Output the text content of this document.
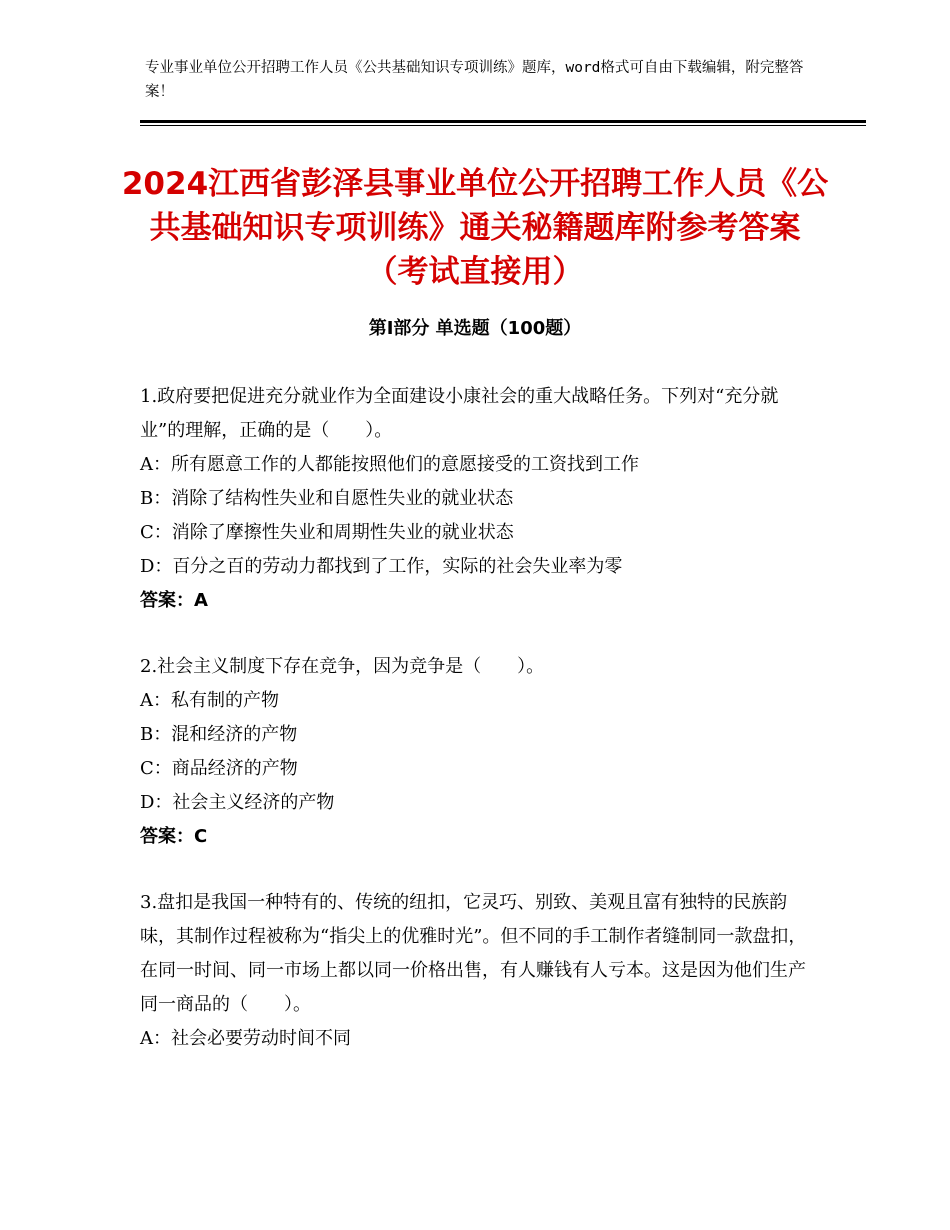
专业事业单位公开招聘工作人员《公共基础知识专项训练》题库，word格式可自由下载编辑，附完整答案！
2024江西省彭泽县事业单位公开招聘工作人员《公共基础知识专项训练》通关秘籍题库附参考答案（考试直接用）
第Ⅰ部分 单选题（100题）

1.政府要把促进充分就业作为全面建设小康社会的重大战略任务。下列对“充分就业”的理解，正确的是（　　）。

A：所有愿意工作的人都能按照他们的意愿接受的工资找到工作

B：消除了结构性失业和自愿性失业的就业状态

C：消除了摩擦性失业和周期性失业的就业状态

D：百分之百的劳动力都找到了工作，实际的社会失业率为零

答案：A

2.社会主义制度下存在竞争，因为竞争是（　　）。

A：私有制的产物

B：混和经济的产物

C：商品经济的产物

D：社会主义经济的产物

答案：C

3.盘扣是我国一种特有的、传统的纽扣，它灵巧、别致、美观且富有独特的民族韵味，其制作过程被称为“指尖上的优雅时光”。但不同的手工制作者缝制同一款盘扣，在同一时间、同一市场上都以同一价格出售，有人赚钱有人亏本。这是因为他们生产同一商品的（　　）。

A：社会必要劳动时间不同
